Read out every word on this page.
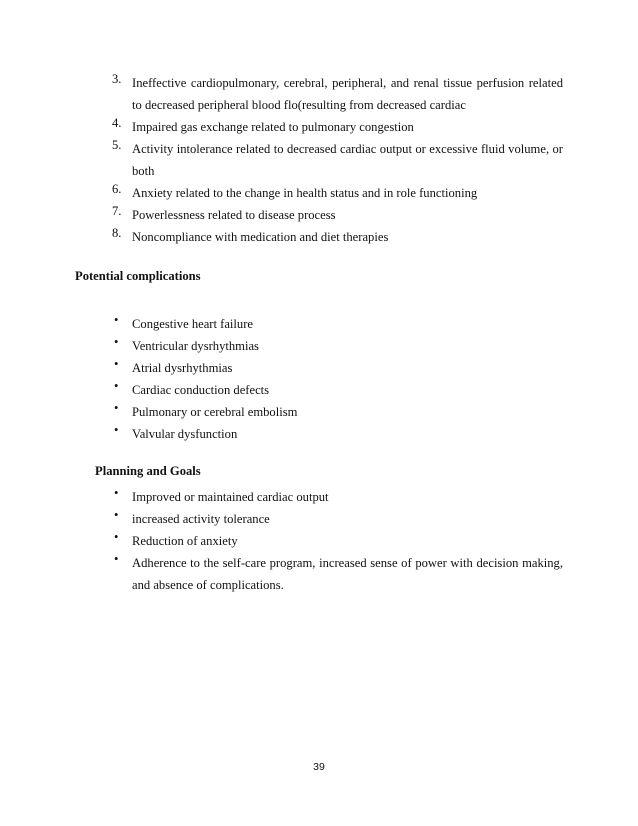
3. Ineffective cardiopulmonary, cerebral, peripheral, and renal tissue perfusion related to decreased peripheral blood flo(resulting from decreased cardiac
4. Impaired gas exchange related to pulmonary congestion
5. Activity intolerance related to decreased cardiac output or excessive fluid volume, or both
6. Anxiety related to the change in health status and in role functioning
7. Powerlessness related to disease process
8. Noncompliance with medication and diet therapies
Potential complications
•	Congestive heart failure
•	Ventricular dysrhythmias
•	Atrial dysrhythmias
•	Cardiac conduction defects
•	Pulmonary or cerebral embolism
•	Valvular dysfunction
Planning and Goals
•	Improved or maintained cardiac output
•	increased activity tolerance
•	Reduction of anxiety
•	Adherence to the self-care program, increased sense of power with decision making, and absence of complications.
39
